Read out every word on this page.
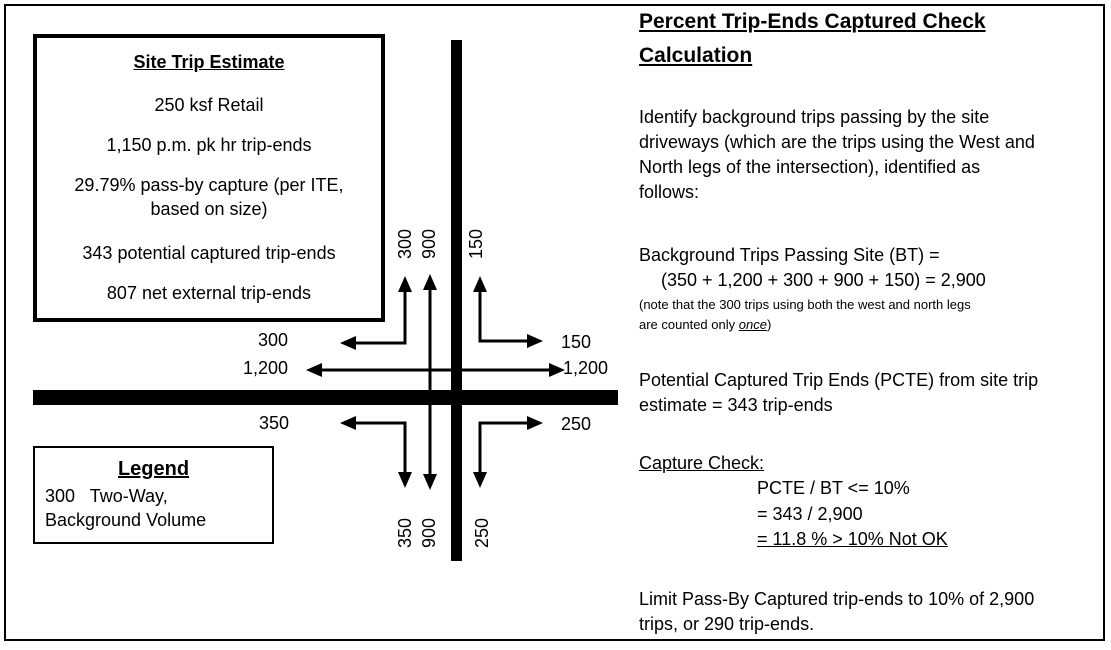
Site Trip Estimate
250 ksf Retail
1,150 p.m. pk hr trip-ends
29.79% pass-by capture (per ITE,
based on size)
343 potential captured trip-ends
807 net external trip-ends
Legend
300   Two-Way,
Background Volume
300
1,200
350
150
1,200
250
300 900 150
350 900 250
Percent Trip-Ends Captured Check
Calculation
Identify background trips passing by the site
driveways (which are the trips using the West and
North legs of the intersection), identified as
follows:
Background Trips Passing Site (BT) =
(350 + 1,200 + 300 + 900 + 150) = 2,900
(note that the 300 trips using both the west and north legs
are counted only once)
Potential Captured Trip Ends (PCTE) from site trip
estimate = 343 trip-ends
Capture Check:
PCTE / BT <= 10%
= 343 / 2,900
= 11.8 % > 10% Not OK
Limit Pass-By Captured trip-ends to 10% of 2,900
trips, or 290 trip-ends.
